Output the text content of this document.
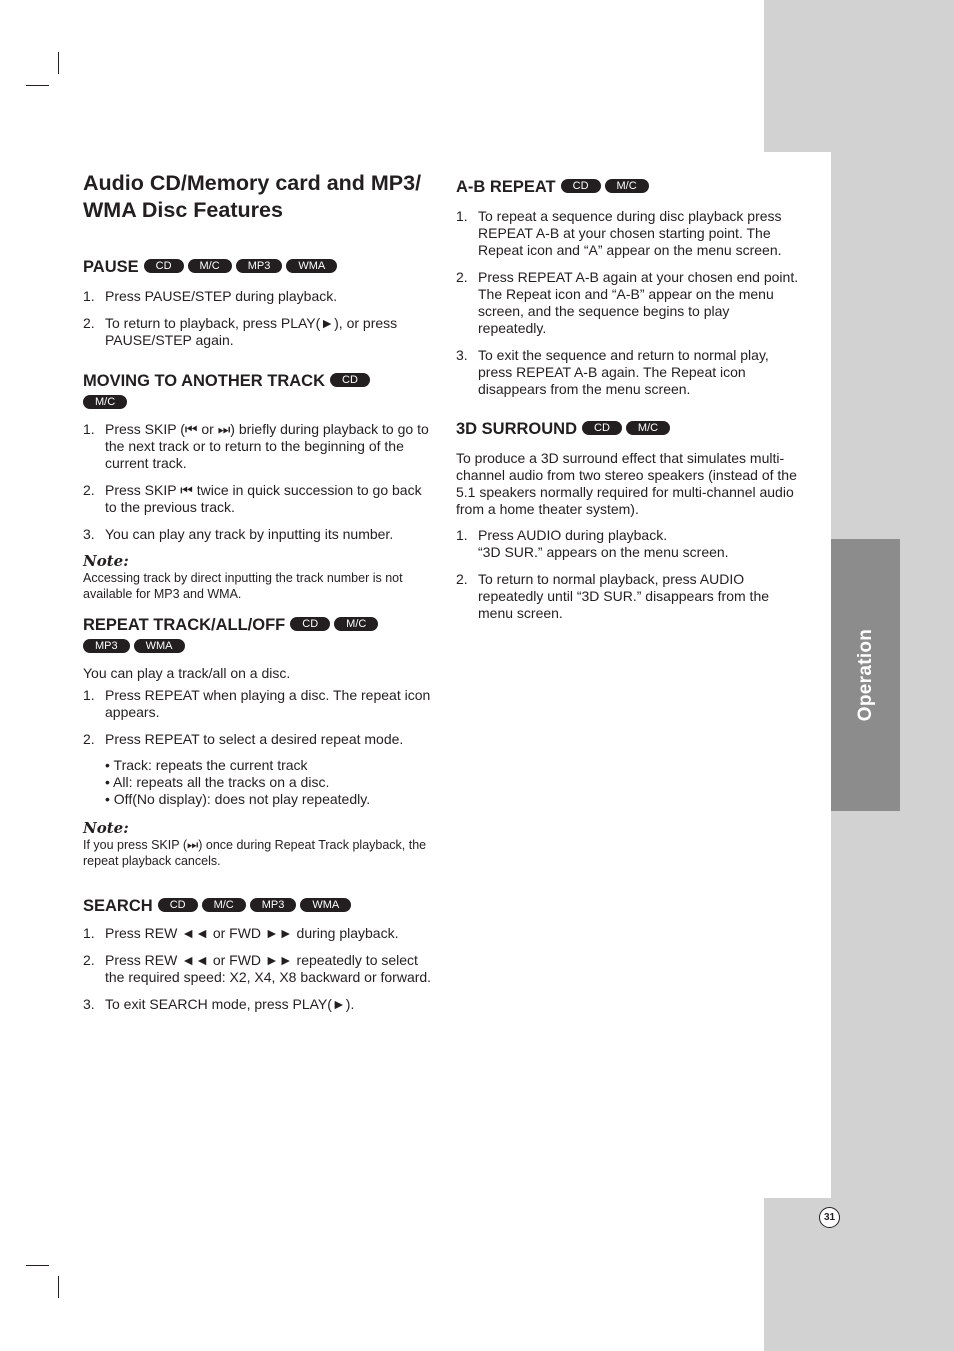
Operation
Audio CD/Memory card and MP3/ WMA Disc Features
PAUSE CD	M/C	MP3	WMA
1. Press PAUSE/STEP during playback.
2. To return to playback, press PLAY(►), or press PAUSE/STEP again.
MOVING TO ANOTHER TRACK CD
M/C
1. Press SKIP (⏮ or ⏭) briefly during playback to go to the next track or to return to the beginning of the current track.
2. Press SKIP ⏮ twice in quick succession to go back to the previous track.
3. You can play any track by inputting its number.
Note:
Accessing track by direct inputting the track number is not available for MP3 and WMA.
REPEAT TRACK/ALL/OFF CD	M/C
MP3	WMA

You can play a track/all on a disc.

1. Press REPEAT when playing a disc. The repeat icon appears.
2. Press REPEAT to select a desired repeat mode.
• Track: repeats the current track
• All: repeats all the tracks on a disc.
• Off(No display): does not play repeatedly.
Note:
If you press SKIP (⏭) once during Repeat Track playback, the repeat playback cancels.
SEARCH CD	M/C	MP3	WMA
1. Press REW ◄◄ or FWD ►► during playback.
2. Press REW ◄◄ or FWD ►► repeatedly to select the required speed: X2, X4, X8 backward or forward.
3. To exit SEARCH mode, press PLAY(►).
A-B REPEAT CD	M/C
1. To repeat a sequence during disc playback press REPEAT A-B at your chosen starting point. The Repeat icon and “A” appear on the menu screen.
2. Press REPEAT A-B again at your chosen end point. The Repeat icon and “A-B” appear on the menu screen, and the sequence begins to play repeatedly.
3. To exit the sequence and return to normal play, press REPEAT A-B again. The Repeat icon disappears from the menu screen.
3D SURROUND CD	M/C

To produce a 3D surround effect that simulates multi-channel audio from two stereo speakers (instead of the 5.1 speakers normally required for multi-channel audio from a home theater system).

1. Press AUDIO during playback.
“3D SUR.” appears on the menu screen.
2. To return to normal playback, press AUDIO repeatedly until “3D SUR.” disappears from the menu screen.
31
